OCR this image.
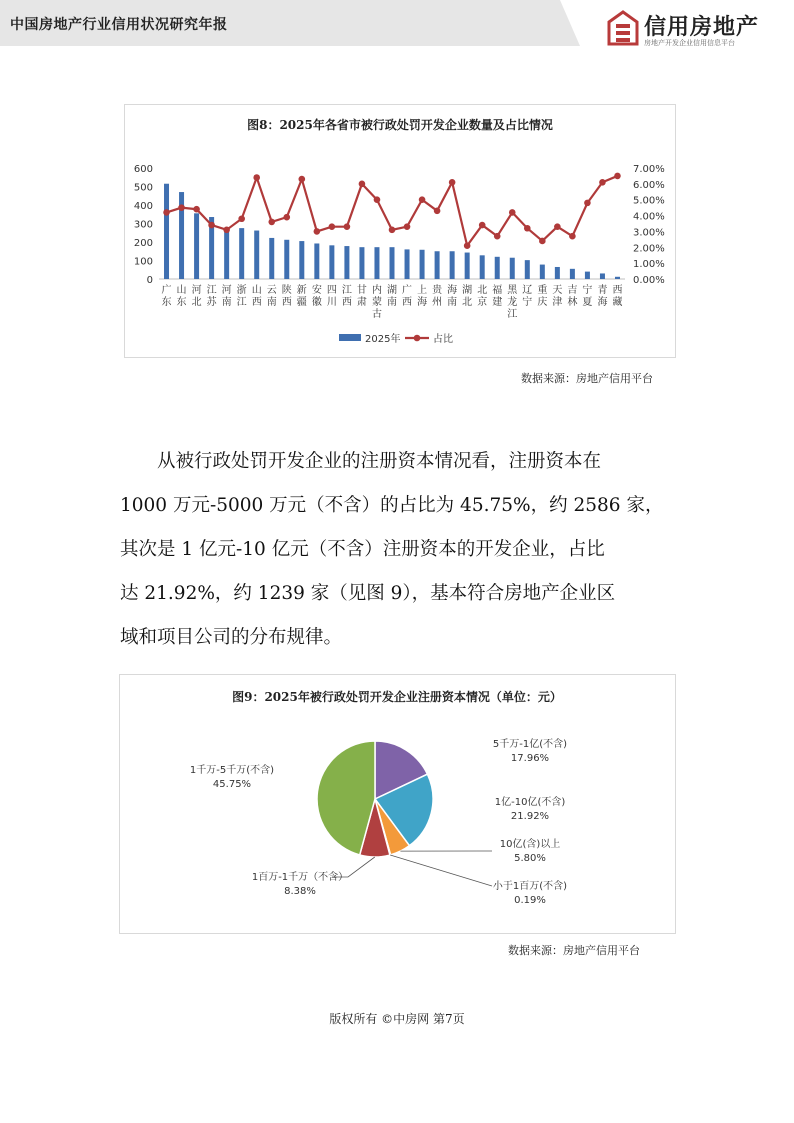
中国房地产行业信用状况研究年报	信用房地产
房地产开发企业信用信息平台
图8：2025年各省市被行政处罚开发企业数量及占比情况
0
100
200
300
400
500
600
0.00%
1.00%
2.00%
3.00%
4.00%
5.00%
6.00%
7.00%
广东
山东
河北
江苏
河南
浙江
山西
云南
陕西
新疆
安徽
四川
江西
甘肃
内蒙古
湖南
广西
上海
贵州
海南
湖北
北京
福建
黑龙江
辽宁
重庆
天津
吉林
宁夏
青海
西藏
2025年	占比
数据来源：房地产信用平台
从被行政处罚开发企业的注册资本情况看，注册资本在
1000 万元-5000 万元（不含）的占比为 45.75%，约 2586 家，
其次是 1 亿元-10 亿元（不含）注册资本的开发企业，占比
达 21.92%，约 1239 家（见图 9），基本符合房地产企业区
域和项目公司的分布规律。
图9：2025年被行政处罚开发企业注册资本情况（单位：元）
5千万-1亿(不含)
17.96%
1亿-10亿(不含)
21.92%
10亿(含)以上
5.80%
小于1百万(不含)
0.19%
1百万-1千万（不含）
8.38%
1千万-5千万(不含)
45.75%
数据来源：房地产信用平台
版权所有 ©中房网 第7页
